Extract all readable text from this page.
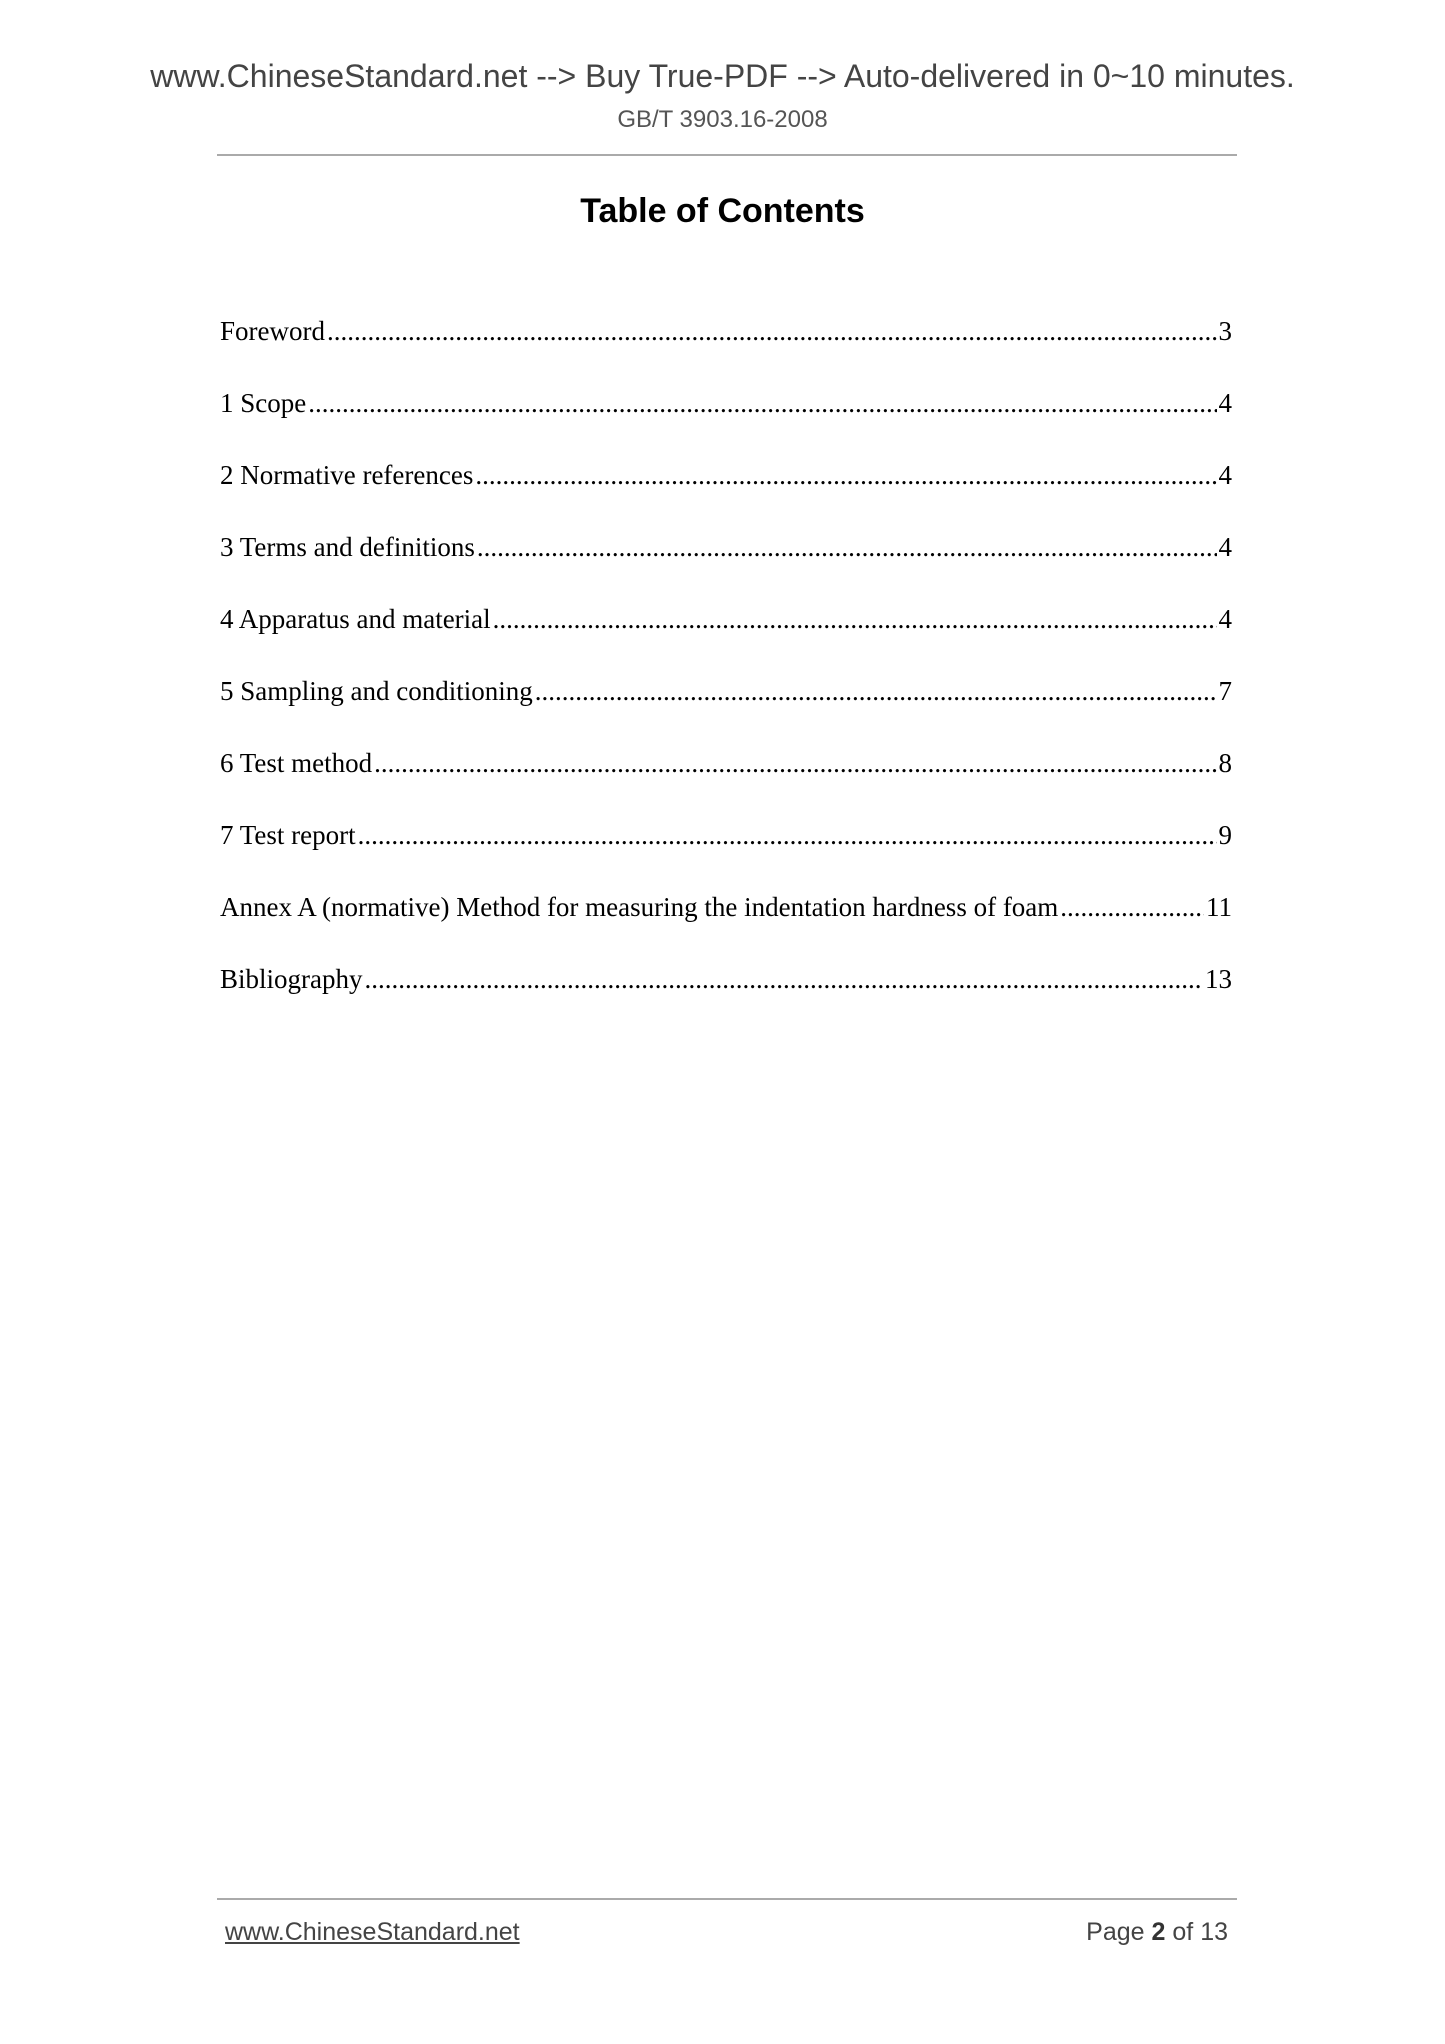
www.ChineseStandard.net --> Buy True-PDF --> Auto-delivered in 0~10 minutes.
GB/T 3903.16-2008
Table of Contents
Foreword .....	3
1 Scope .....	4
2 Normative references .....	4
3 Terms and definitions .....	4
4 Apparatus and material .....	4
5 Sampling and conditioning .....	7
6 Test method .....	8
7 Test report .....	9
Annex A (normative) Method for measuring the indentation hardness of foam .....	11
Bibliography .....	13
www.ChineseStandard.net	Page 2 of 13
